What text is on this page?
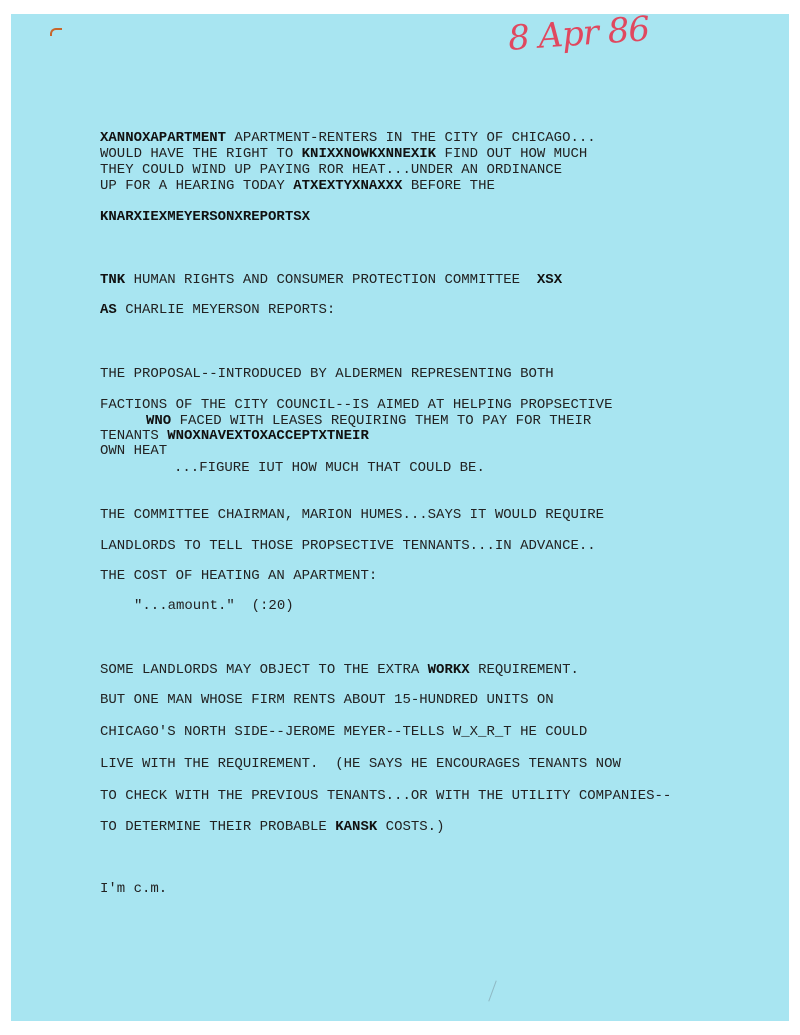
8 Apr 86
XANNOXAPARTMENT APARTMENT-RENTERS IN THE CITY OF CHICAGO...
WOULD HAVE THE RIGHT TO KNIXXNOWKXNNEXIK FIND OUT HOW MUCH
THEY COULD WIND UP PAYING ROR HEAT...UNDER AN ORDINANCE
UP FOR A HEARING TODAY ATXEXTYXNAXXX BEFORE THE
KNARXIEXMEYERSONXREPORTSX
TNK HUMAN RIGHTS AND CONSUMER PROTECTION COMMITTEE  XSX
AS CHARLIE MEYERSON REPORTS:
THE PROPOSAL--INTRODUCED BY ALDERMEN REPRESENTING BOTH
FACTIONS OF THE CITY COUNCIL--IS AIMED AT HELPING PROPSECTIVE
WNO FACED WITH LEASES REQUIRING THEM TO PAY FOR THEIR
TENANTS WNOXNAVEXTOXACCEPTXTNEIR
OWN HEAT
...FIGURE IUT HOW MUCH THAT COULD BE.
THE COMMITTEE CHAIRMAN, MARION HUMES...SAYS IT WOULD REQUIRE
LANDLORDS TO TELL THOSE PROPSECTIVE TENNANTS...IN ADVANCE..
THE COST OF HEATING AN APARTMENT:
"...amount."  (:20)
SOME LANDLORDS MAY OBJECT TO THE EXTRA WORKX REQUIREMENT.
BUT ONE MAN WHOSE FIRM RENTS ABOUT 15-HUNDRED UNITS ON
CHICAGO'S NORTH SIDE--JEROME MEYER--TELLS W_X_R_T HE COULD
LIVE WITH THE REQUIREMENT.  (HE SAYS HE ENCOURAGES TENANTS NOW
TO CHECK WITH THE PREVIOUS TENANTS...OR WITH THE UTILITY COMPANIES--
TO DETERMINE THEIR PROBABLE KANSK COSTS.)
I'm c.m.
